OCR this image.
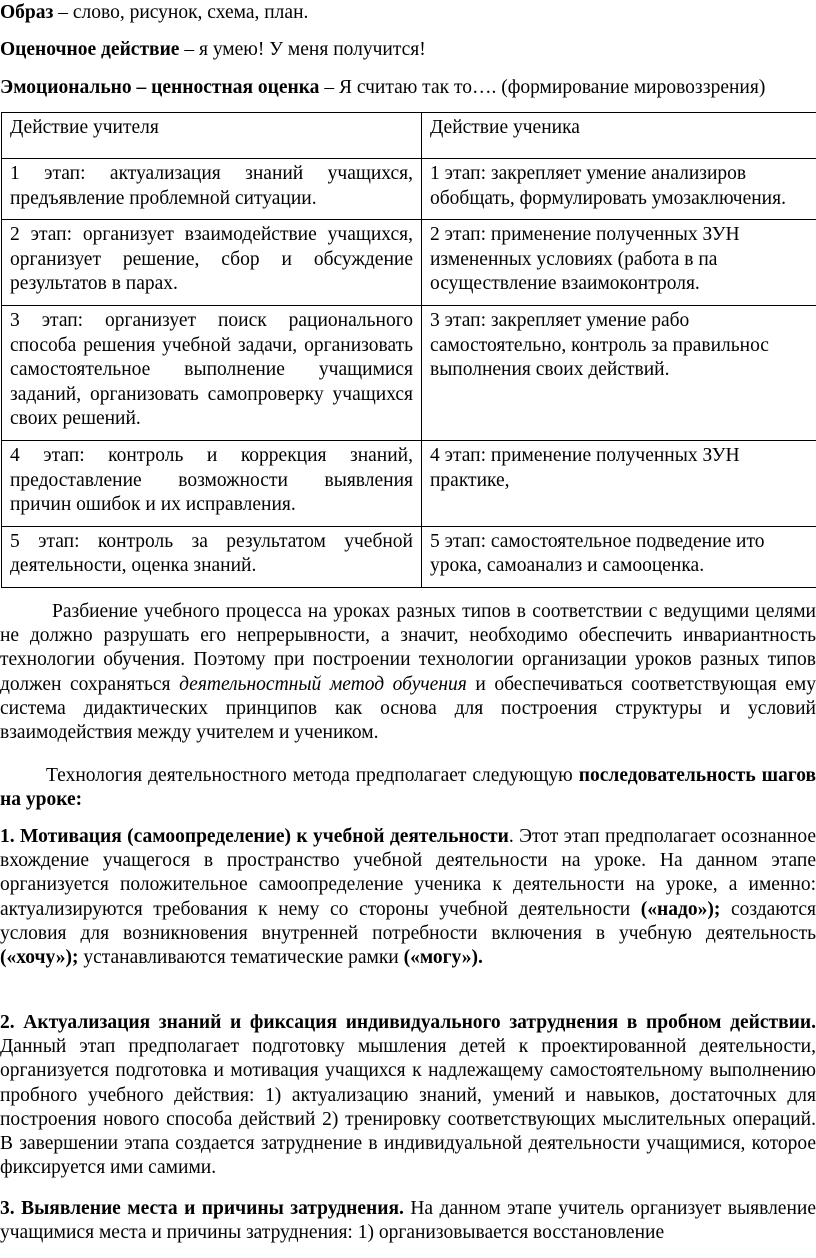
Образ – слово, рисунок, схема, план.
Оценочное действие – я умею! У меня получится!
Эмоционально – ценностная оценка – Я считаю так то…. (формирование мировоззрения)
Действие учителя	Действие ученика
1 этап: актуализация знаний учащихся, предъявление проблемной ситуации.	1 этап: закрепляет умение анализиров
обобщать, формулировать умозаключения.
2 этап: организует взаимодействие учащихся, организует решение, сбор и обсуждение результатов в парах.	2 этап: применение полученных ЗУН
измененных условиях (работа в па
осуществление взаимоконтроля.
3 этап: организует поиск рационального способа решения учебной задачи, организовать самостоятельное выполнение учащимися заданий, организовать самопроверку учащихся своих решений.	3 этап: закрепляет умение рабо
самостоятельно, контроль за правильнос
выполнения своих действий.
4 этап: контроль и коррекция знаний, предоставление возможности выявления причин ошибок и их исправления.	4 этап: применение полученных ЗУН
практике,
5 этап: контроль за результатом учебной деятельности, оценка знаний.	5 этап: самостоятельное подведение ито
урока, самоанализ и самооценка.
Разбиение учебного процесса на уроках разных типов в соответствии с ведущими целями не должно разрушать его непрерывности, а значит, необходимо обеспечить инвариантность технологии обучения. Поэтому при построении технологии организации уроков разных типов должен сохраняться деятельностный метод обучения и обеспечиваться соответствующая ему система дидактических принципов как основа для построения структуры и условий взаимодействия между учителем и учеником.
Технология деятельностного метода предполагает следующую последовательность шагов на уроке:
1. Мотивация (самоопределение) к учебной деятельности. Этот этап предполагает осознанное вхождение учащегося в пространство учебной деятельности на уроке. На данном этапе организуется положительное самоопределение ученика к деятельности на уроке, а именно: актуализируются требования к нему со стороны учебной деятельности («надо»); создаются условия для возникновения внутренней потребности включения в учебную деятельность («хочу»); устанавливаются тематические рамки («могу»).
2. Актуализация знаний и фиксация индивидуального затруднения в пробном действии. Данный этап предполагает подготовку мышления детей к проектированной деятельности, организуется подготовка и мотивация учащихся к надлежащему самостоятельному выполнению пробного учебного действия: 1) актуализацию знаний, умений и навыков, достаточных для построения нового способа действий 2) тренировку соответствующих мыслительных операций. В завершении этапа создается затруднение в индивидуальной деятельности учащимися, которое фиксируется ими самими.
3. Выявление места и причины затруднения. На данном этапе учитель организует выявление учащимися места и причины затруднения: 1) организовывается восстановление
